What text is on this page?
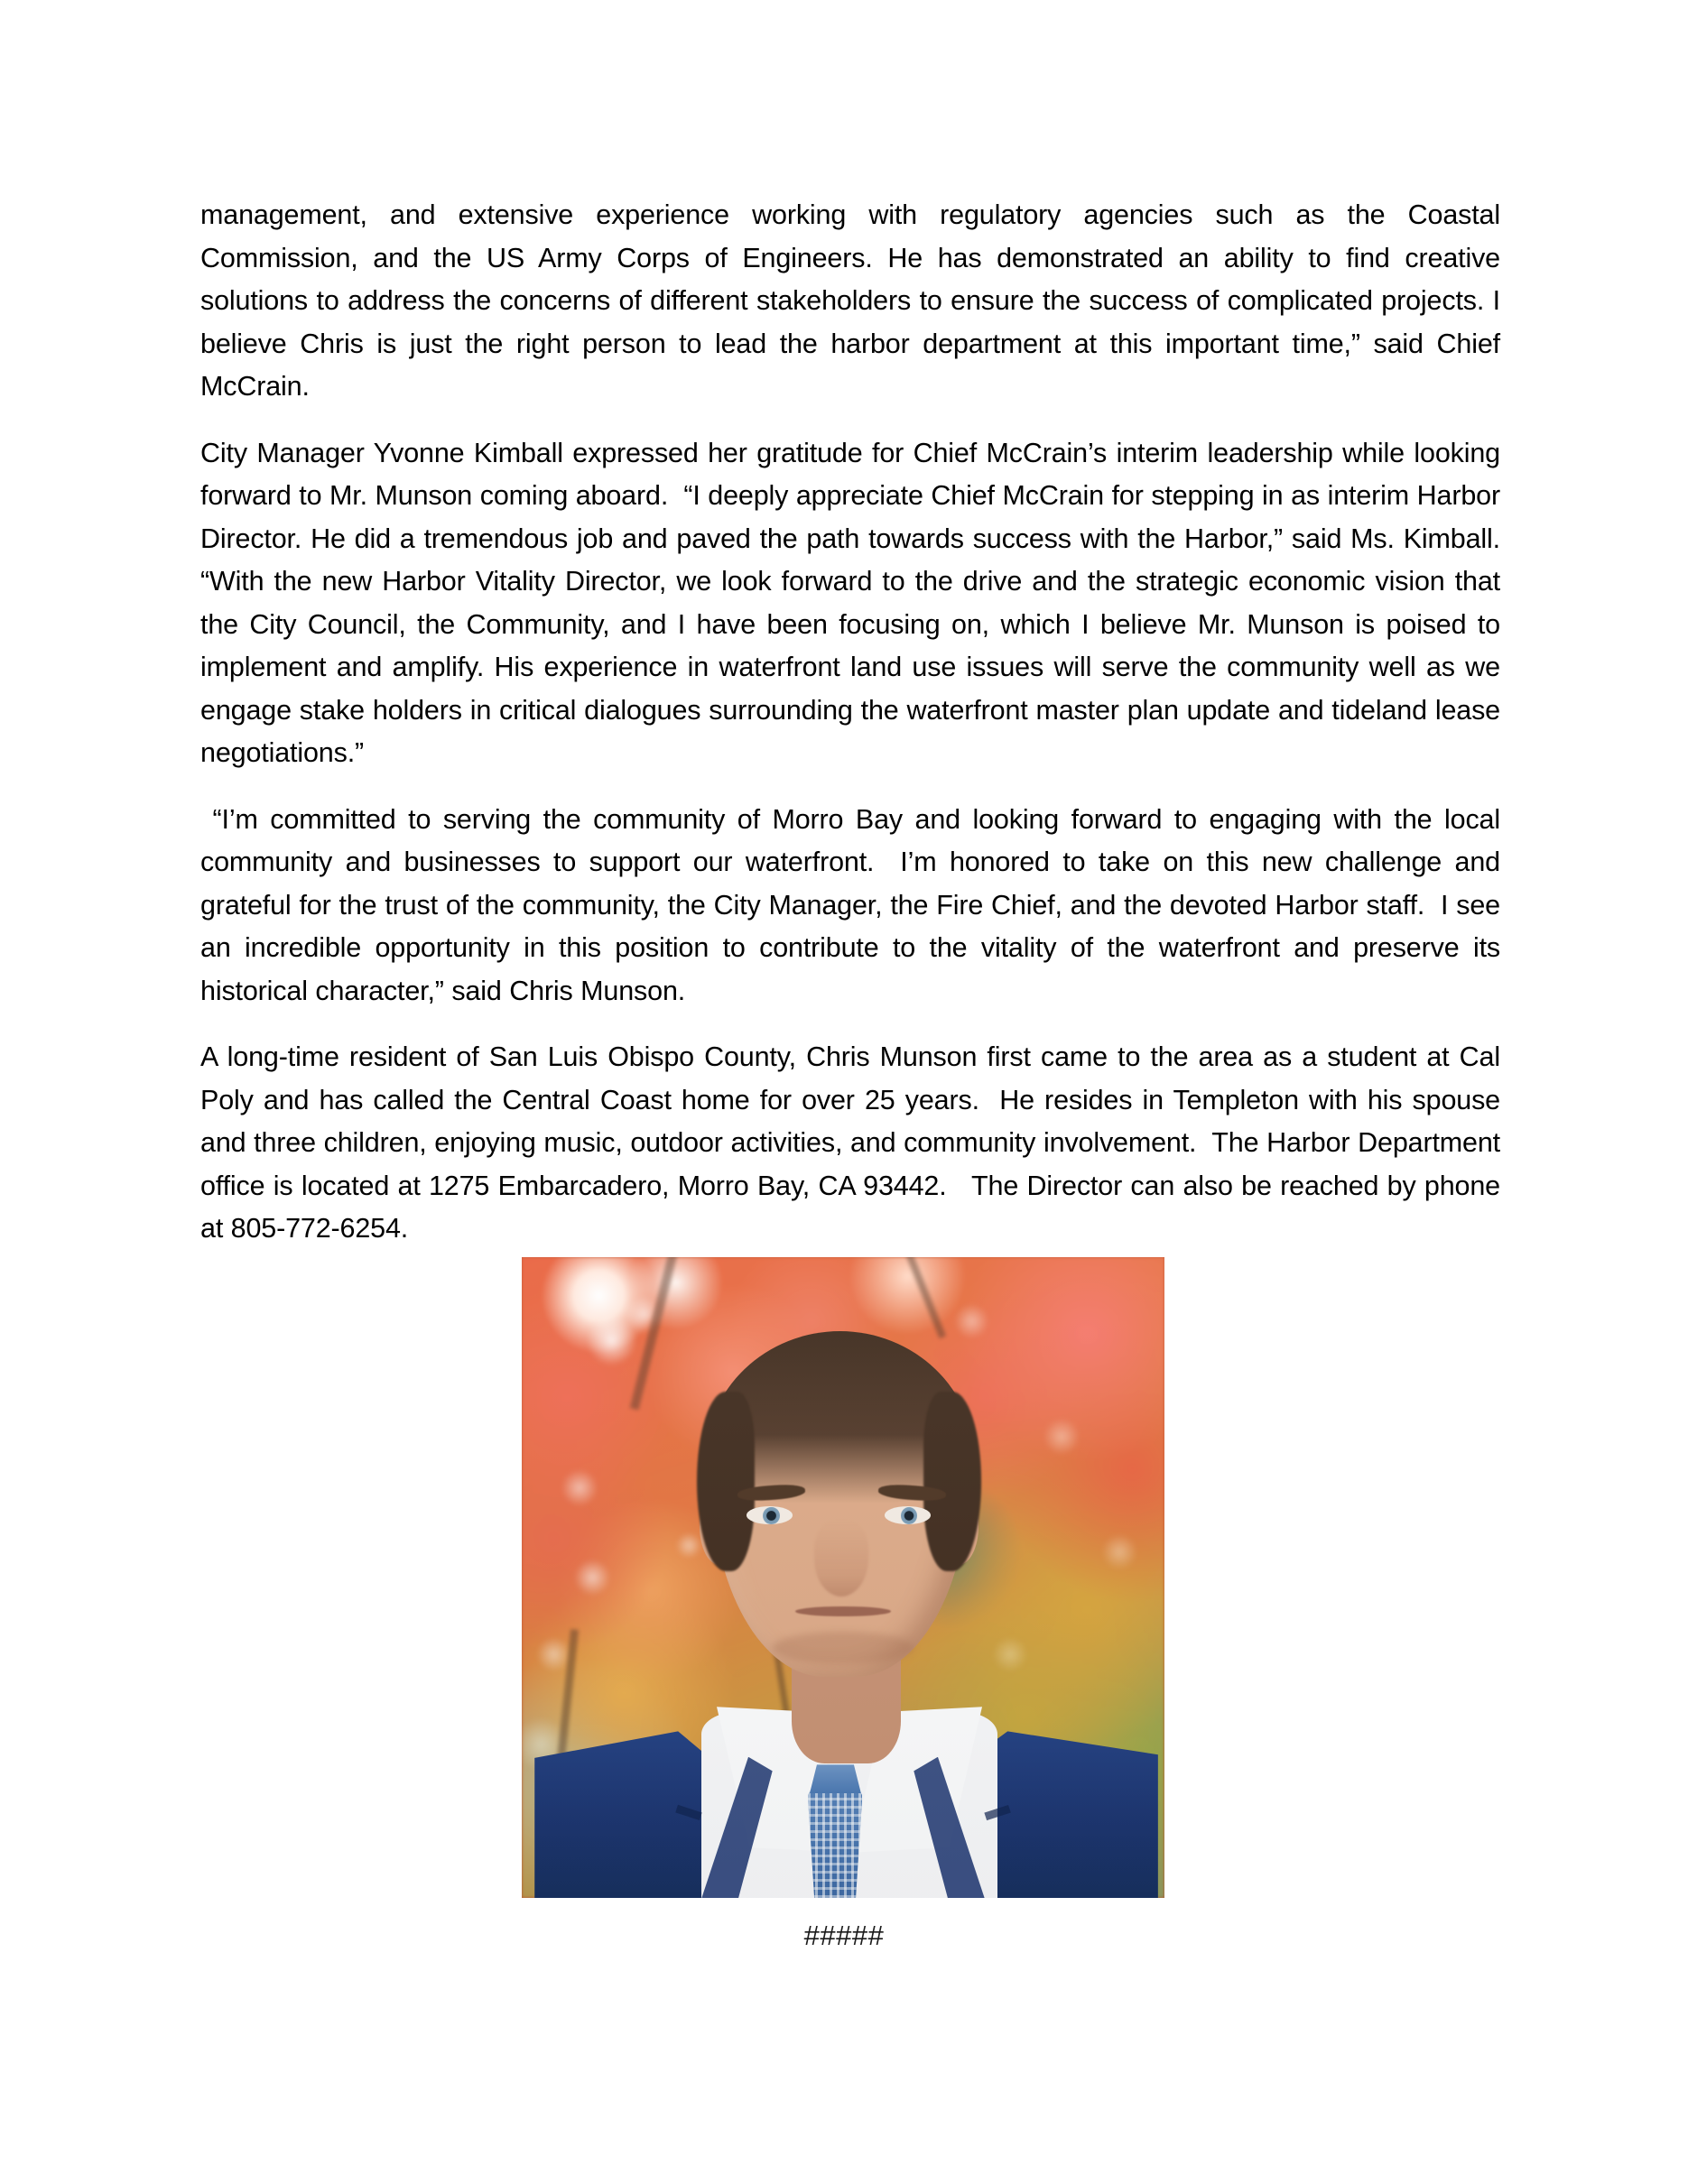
management, and extensive experience working with regulatory agencies such as the Coastal Commission, and the US Army Corps of Engineers. He has demonstrated an ability to find creative solutions to address the concerns of different stakeholders to ensure the success of complicated projects. I believe Chris is just the right person to lead the harbor department at this important time,” said Chief McCrain.

City Manager Yvonne Kimball expressed her gratitude for Chief McCrain’s interim leadership while looking forward to Mr. Munson coming aboard.  “I deeply appreciate Chief McCrain for stepping in as interim Harbor Director. He did a tremendous job and paved the path towards success with the Harbor,” said Ms. Kimball. “With the new Harbor Vitality Director, we look forward to the drive and the strategic economic vision that the City Council, the Community, and I have been focusing on, which I believe Mr. Munson is poised to implement and amplify. His experience in waterfront land use issues will serve the community well as we engage stake holders in critical dialogues surrounding the waterfront master plan update and tideland lease negotiations.”

“I’m committed to serving the community of Morro Bay and looking forward to engaging with the local community and businesses to support our waterfront.  I’m honored to take on this new challenge and grateful for the trust of the community, the City Manager, the Fire Chief, and the devoted Harbor staff.  I see an incredible opportunity in this position to contribute to the vitality of the waterfront and preserve its historical character,” said Chris Munson.

A long-time resident of San Luis Obispo County, Chris Munson first came to the area as a student at Cal Poly and has called the Central Coast home for over 25 years.  He resides in Templeton with his spouse and three children, enjoying music, outdoor activities, and community involvement.  The Harbor Department office is located at 1275 Embarcadero, Morro Bay, CA 93442.   The Director can also be reached by phone at 805-772-6254.

#####
